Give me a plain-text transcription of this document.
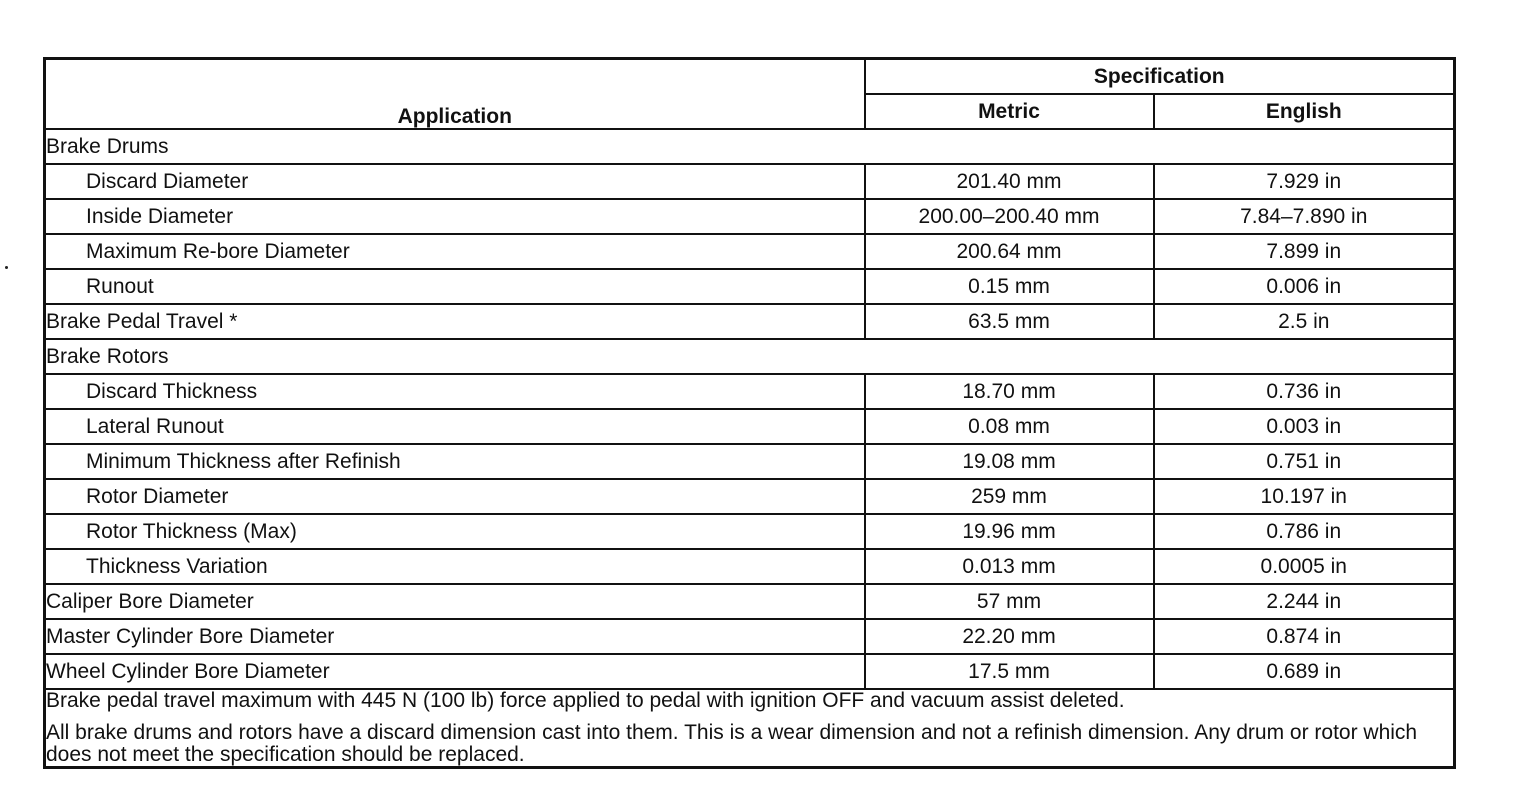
Application	Specification	
	Metric	English
Brake Drums		
Discard Diameter	201.40 mm	7.929 in
Inside Diameter	200.00–200.40 mm	7.84–7.890 in
Maximum Re-bore Diameter	200.64 mm	7.899 in
Runout	0.15 mm	0.006 in
Brake Pedal Travel *	63.5 mm	2.5 in
Brake Rotors		
Discard Thickness	18.70 mm	0.736 in
Lateral Runout	0.08 mm	0.003 in
Minimum Thickness after Refinish	19.08 mm	0.751 in
Rotor Diameter	259 mm	10.197 in
Rotor Thickness (Max)	19.96 mm	0.786 in
Thickness Variation	0.013 mm	0.0005 in
Caliper Bore Diameter	57 mm	2.244 in
Master Cylinder Bore Diameter	22.20 mm	0.874 in
Wheel Cylinder Bore Diameter	17.5 mm	0.689 in

Brake pedal travel maximum with 445 N (100 lb) force applied to pedal with ignition OFF and vacuum assist deleted.
All brake drums and rotors have a discard dimension cast into them. This is a wear dimension and not a refinish dimension. Any drum or rotor which does not meet the specification should be replaced.		
